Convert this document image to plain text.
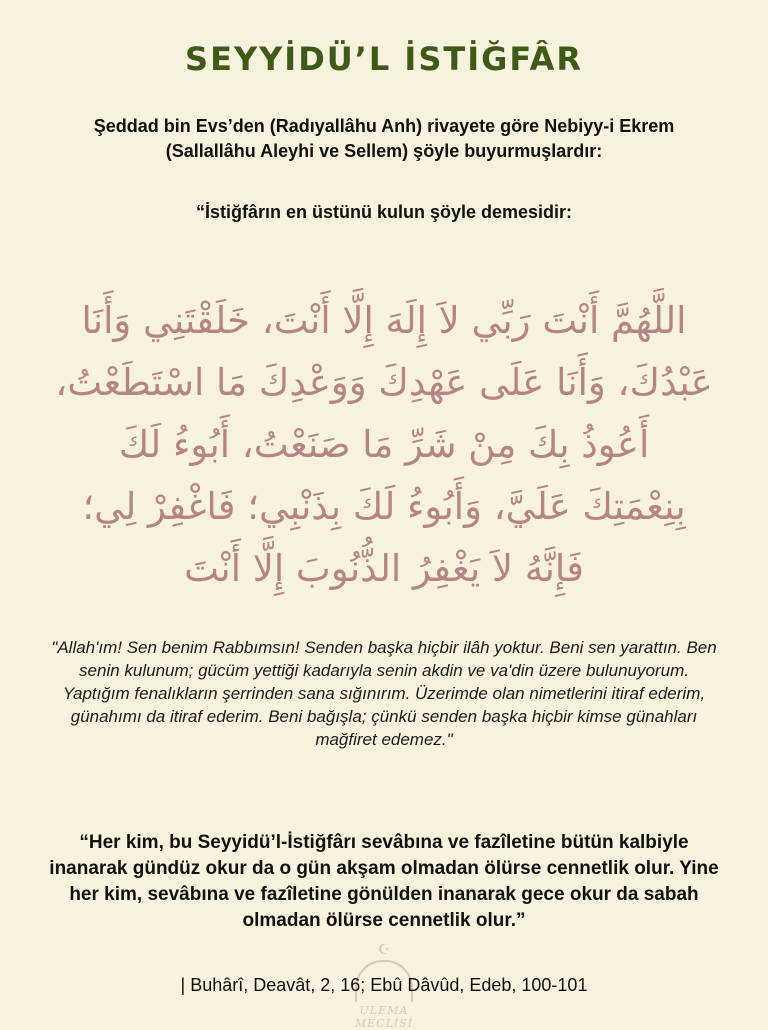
SEYYİDÜ’L İSTİĞFÂR

Şeddad bin Evs’den (Radıyallâhu Anh) rivayete göre Nebiyy-i Ekrem

(Sallallâhu Aleyhi ve Sellem) şöyle buyurmuşlardır:

“İstiğfârın en üstünü kulun şöyle demesidir:
اللَّهُمَّ أَنْتَ رَبِّي لاَ إِلَهَ إِلَّا أَنْتَ، خَلَقْتَنِي وَأَنَا
عَبْدُكَ، وَأَنَا عَلَى عَهْدِكَ وَوَعْدِكَ مَا اسْتَطَعْتُ،
أَعُوذُ بِكَ مِنْ شَرِّ مَا صَنَعْتُ، أَبُوءُ لَكَ
بِنِعْمَتِكَ عَلَيَّ، وَأَبُوءُ لَكَ بِذَنْبِي؛ فَاغْفِرْ لِي؛
فَإِنَّهُ لاَ يَغْفِرُ الذُّنُوبَ إِلَّا أَنْتَ
"Allah'ım! Sen benim Rabbımsın! Senden başka hiçbir ilâh yoktur. Beni sen yarattın. Ben senin kulunum; gücüm yettiği kadarıyla senin akdin ve va'din üzere bulunuyorum. Yaptığım fenalıkların şerrinden sana sığınırım. Üzerimde olan nimetlerini itiraf ederim, günahımı da itiraf ederim. Beni bağışla; çünkü senden başka hiçbir kimse günahları mağfiret edemez."
“Her kim, bu Seyyidü’l-İstiğfârı sevâbına ve fazîletine bütün kalbiyle inanarak gündüz okur da o gün akşam olmadan ölürse cennetlik olur. Yine her kim, sevâbına ve fazîletine gönülden inanarak gece okur da sabah olmadan ölürse cennetlik olur.”
☪
ULEMA MECLİSİ
| Buhârî, Deavât, 2, 16; Ebû Dâvûd, Edeb, 100-101
